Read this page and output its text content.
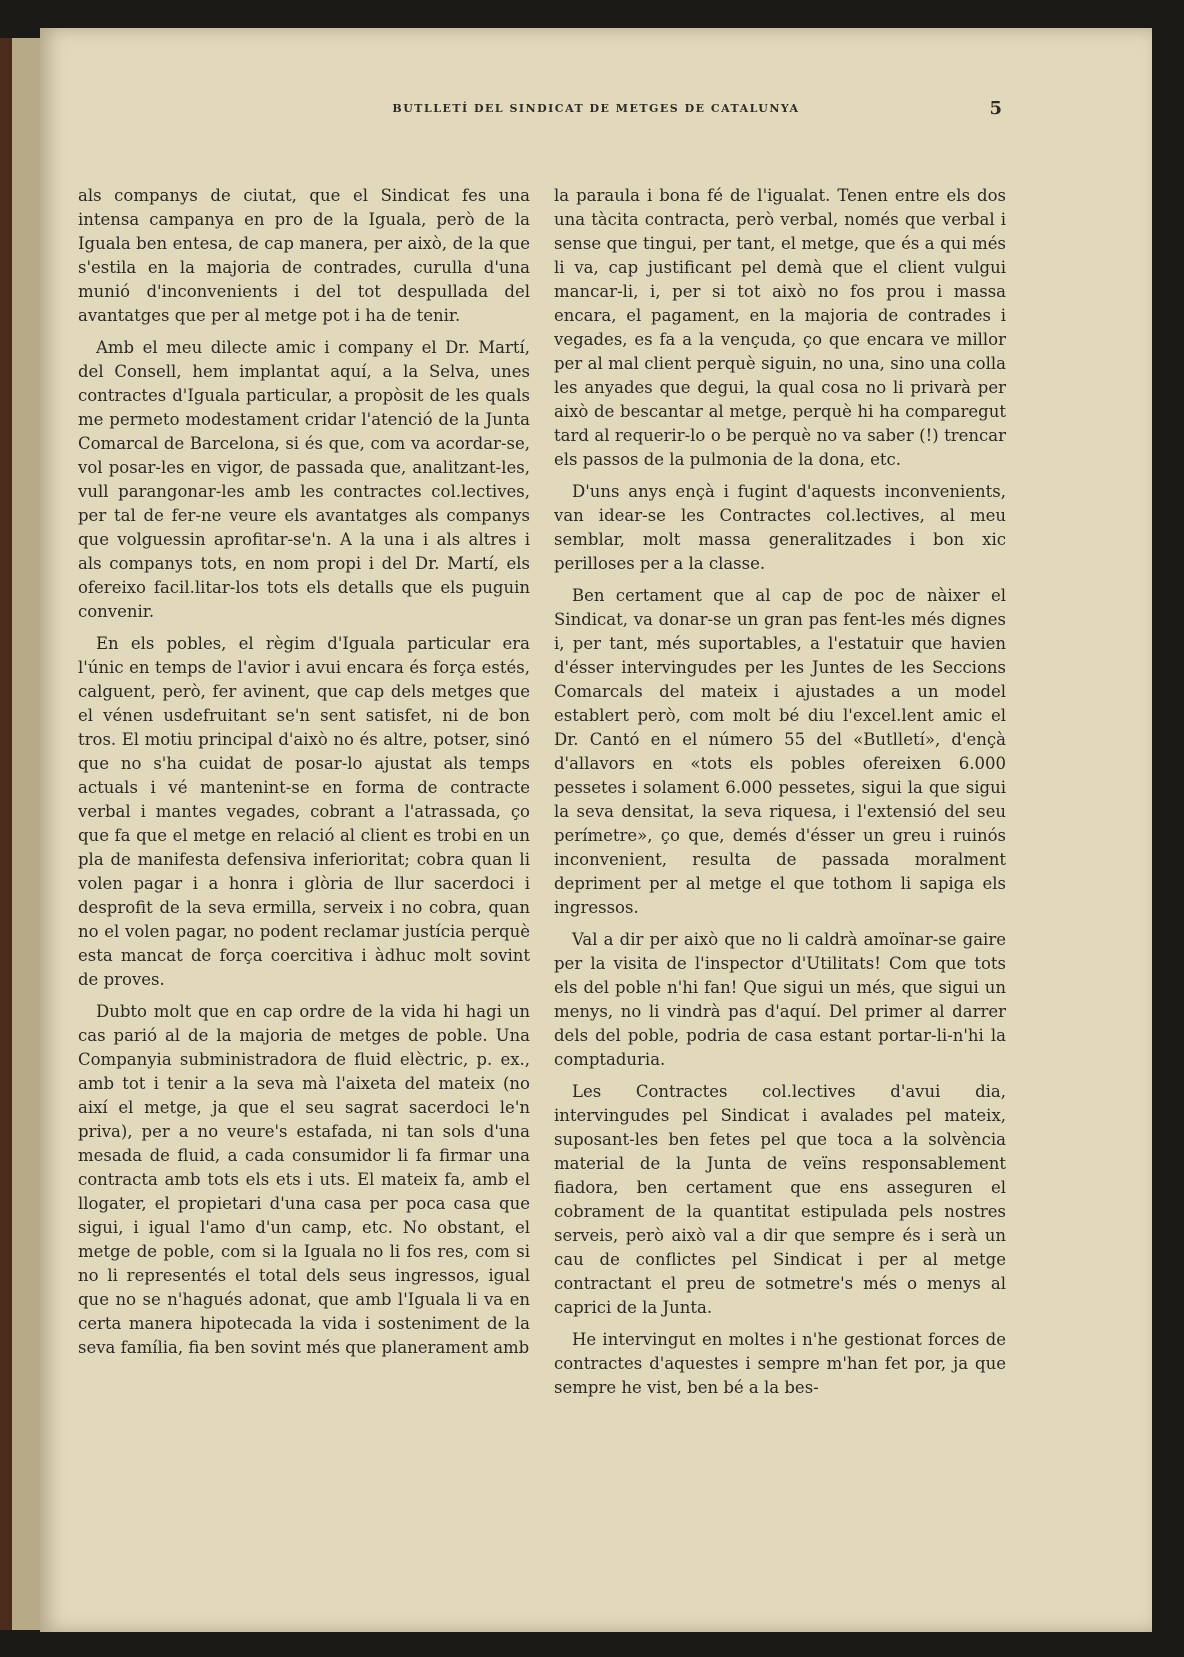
BUTLLETÍ DEL SINDICAT DE METGES DE CATALUNYA	5

als companys de ciutat, que el Sindicat fes una intensa campanya en pro de la Iguala, però de la Iguala ben entesa, de cap manera, per això, de la que s'estila en la majoria de contrades, curulla d'una munió d'inconvenients i del tot despullada del avantatges que per al metge pot i ha de tenir.

Amb el meu dilecte amic i company el Dr. Martí, del Consell, hem implantat aquí, a la Selva, unes contractes d'Iguala particular, a propòsit de les quals me permeto modestament cridar l'atenció de la Junta Comarcal de Barcelona, si és que, com va acordar-se, vol posar-les en vigor, de passada que, analitzant-les, vull parangonar-les amb les contractes col.lectives, per tal de fer-ne veure els avantatges als companys que volguessin aprofitar-se'n. A la una i als altres i als companys tots, en nom propi i del Dr. Martí, els ofereixo facil.litar-los tots els detalls que els puguin convenir.

En els pobles, el règim d'Iguala particular era l'únic en temps de l'avior i avui encara és força estés, calguent, però, fer avinent, que cap dels metges que el vénen usdefruitant se'n sent satisfet, ni de bon tros. El motiu principal d'això no és altre, potser, sinó que no s'ha cuidat de posar-lo ajustat als temps actuals i vé mantenint-se en forma de contracte verbal i mantes vegades, cobrant a l'atrassada, ço que fa que el metge en relació al client es trobi en un pla de manifesta defensiva inferioritat; cobra quan li volen pagar i a honra i glòria de llur sacerdoci i desprofit de la seva ermilla, serveix i no cobra, quan no el volen pagar, no podent reclamar justícia perquè esta mancat de força coercitiva i àdhuc molt sovint de proves.

Dubto molt que en cap ordre de la vida hi hagi un cas parió al de la majoria de metges de poble. Una Companyia subministradora de fluid elèctric, p. ex., amb tot i tenir a la seva mà l'aixeta del mateix (no així el metge, ja que el seu sagrat sacerdoci le'n priva), per a no veure's estafada, ni tan sols d'una mesada de fluid, a cada consumidor li fa firmar una contracta amb tots els ets i uts. El mateix fa, amb el llogater, el propietari d'una casa per poca casa que sigui, i igual l'amo d'un camp, etc. No obstant, el metge de poble, com si la Iguala no li fos res, com si no li representés el total dels seus ingressos, igual que no se n'hagués adonat, que amb l'Iguala li va en certa manera hipotecada la vida i sosteniment de la seva família, fia ben sovint més que planerament amb

la paraula i bona fé de l'igualat. Tenen entre els dos una tàcita contracta, però verbal, només que verbal i sense que tingui, per tant, el metge, que és a qui més li va, cap justificant pel demà que el client vulgui mancar-li, i, per si tot això no fos prou i massa encara, el pagament, en la majoria de contrades i vegades, es fa a la vençuda, ço que encara ve millor per al mal client perquè siguin, no una, sino una colla les anyades que degui, la qual cosa no li privarà per això de bescantar al metge, perquè hi ha comparegut tard al requerir-lo o be perquè no va saber (!) trencar els passos de la pulmonia de la dona, etc.

D'uns anys ençà i fugint d'aquests inconvenients, van idear-se les Contractes col.lectives, al meu semblar, molt massa generalitzades i bon xic perilloses per a la classe.

Ben certament que al cap de poc de nàixer el Sindicat, va donar-se un gran pas fent-les més dignes i, per tant, més suportables, a l'estatuir que havien d'ésser intervingudes per les Juntes de les Seccions Comarcals del mateix i ajustades a un model establert però, com molt bé diu l'excel.lent amic el Dr. Cantó en el número 55 del «Butlletí», d'ençà d'allavors en «tots els pobles ofereixen 6.000 pessetes i solament 6.000 pessetes, sigui la que sigui la seva densitat, la seva riquesa, i l'extensió del seu perímetre», ço que, demés d'ésser un greu i ruinós inconvenient, resulta de passada moralment depriment per al metge el que tothom li sapiga els ingressos.

Val a dir per això que no li caldrà amoïnar-se gaire per la visita de l'inspector d'Utilitats! Com que tots els del poble n'hi fan! Que sigui un més, que sigui un menys, no li vindrà pas d'aquí. Del primer al darrer dels del poble, podria de casa estant portar-li-n'hi la comptaduria.

Les Contractes col.lectives d'avui dia, intervingudes pel Sindicat i avalades pel mateix, suposant-les ben fetes pel que toca a la solvència material de la Junta de veïns responsablement fiadora, ben certament que ens asseguren el cobrament de la quantitat estipulada pels nostres serveis, però això val a dir que sempre és i serà un cau de conflictes pel Sindicat i per al metge contractant el preu de sotmetre's més o menys al caprici de la Junta.

He intervingut en moltes i n'he gestionat forces de contractes d'aquestes i sempre m'han fet por, ja que sempre he vist, ben bé a la bes-
